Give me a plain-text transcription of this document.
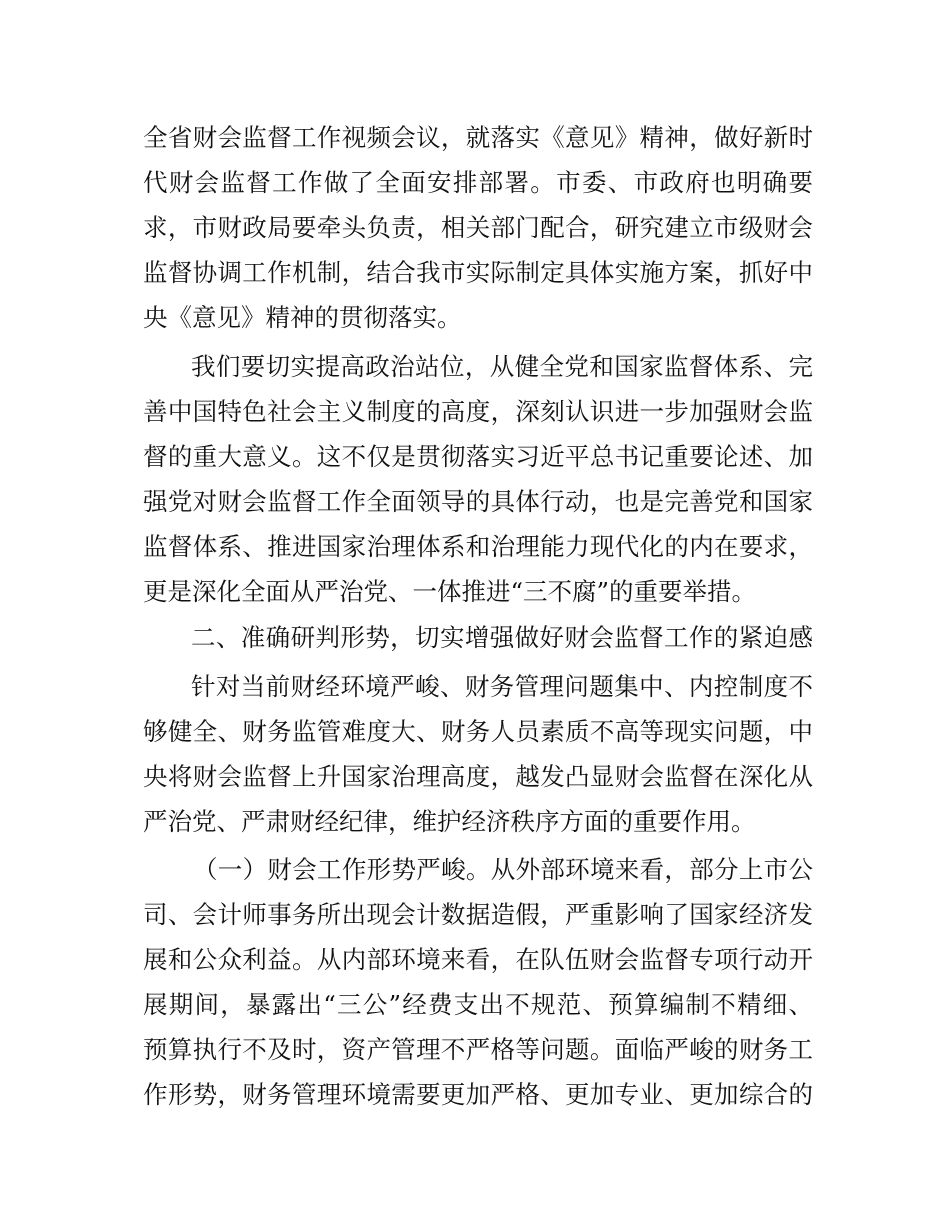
全省财会监督工作视频会议，就落实《意见》精神，做好新时
代财会监督工作做了全面安排部署。市委、市政府也明确要
求，市财政局要牵头负责，相关部门配合，研究建立市级财会
监督协调工作机制，结合我市实际制定具体实施方案，抓好中
央《意见》精神的贯彻落实。
我们要切实提高政治站位，从健全党和国家监督体系、完
善中国特色社会主义制度的高度，深刻认识进一步加强财会监
督的重大意义。这不仅是贯彻落实习近平总书记重要论述、加
强党对财会监督工作全面领导的具体行动，也是完善党和国家
监督体系、推进国家治理体系和治理能力现代化的内在要求，
更是深化全面从严治党、一体推进“三不腐”的重要举措。
二、准确研判形势，切实增强做好财会监督工作的紧迫感
针对当前财经环境严峻、财务管理问题集中、内控制度不
够健全、财务监管难度大、财务人员素质不高等现实问题，中
央将财会监督上升国家治理高度，越发凸显财会监督在深化从
严治党、严肃财经纪律，维护经济秩序方面的重要作用。
（一）财会工作形势严峻。从外部环境来看，部分上市公
司、会计师事务所出现会计数据造假，严重影响了国家经济发
展和公众利益。从内部环境来看，在队伍财会监督专项行动开
展期间，暴露出“三公”经费支出不规范、预算编制不精细、
预算执行不及时，资产管理不严格等问题。面临严峻的财务工
作形势，财务管理环境需要更加严格、更加专业、更加综合的
